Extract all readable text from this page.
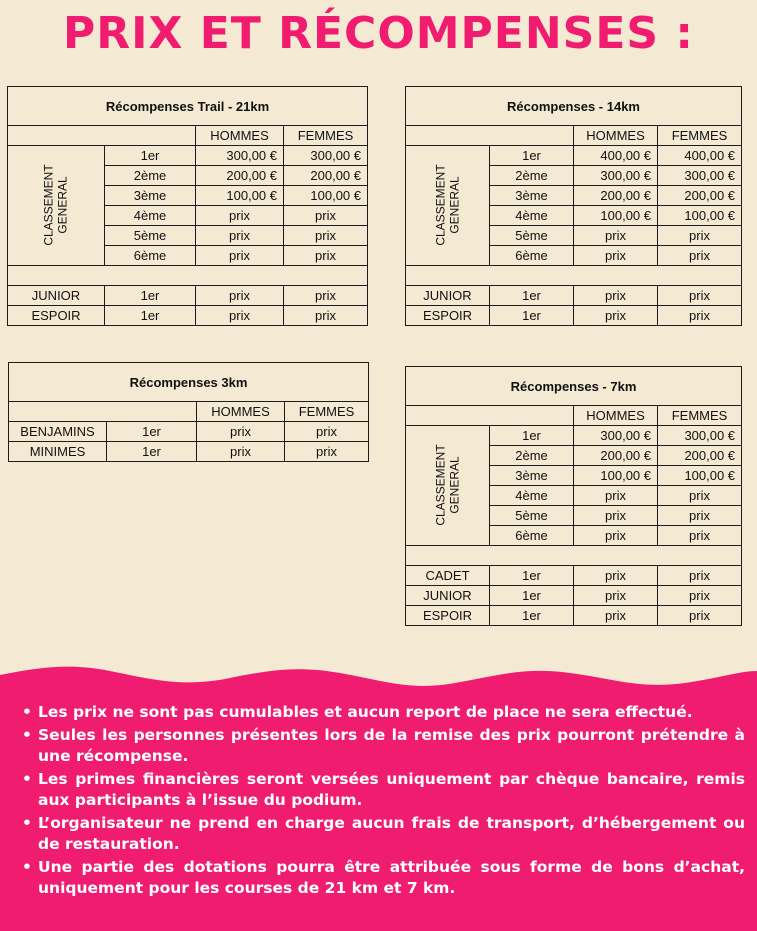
PRIX ET RÉCOMPENSES :
Récompenses Trail - 21km			
		HOMMES	FEMMES
CLASSEMENT
GENERAL	1er	300,00 €	300,00 €
	2ème	200,00 €	200,00 €
	3ème	100,00 €	100,00 €
	4ème	prix	prix
	5ème	prix	prix
	6ème	prix	prix

JUNIOR	1er	prix	prix
ESPOIR	1er	prix	prix
Récompenses - 14km			
		HOMMES	FEMMES
CLASSEMENT
GENERAL	1er	400,00 €	400,00 €
	2ème	300,00 €	300,00 €
	3ème	200,00 €	200,00 €
	4ème	100,00 €	100,00 €
	5ème	prix	prix
	6ème	prix	prix

JUNIOR	1er	prix	prix
ESPOIR	1er	prix	prix
Récompenses 3km			
		HOMMES	FEMMES
BENJAMINS	1er	prix	prix
MINIMES	1er	prix	prix
Récompenses - 7km			
		HOMMES	FEMMES
CLASSEMENT
GENERAL	1er	300,00 €	300,00 €
	2ème	200,00 €	200,00 €
	3ème	100,00 €	100,00 €
	4ème	prix	prix
	5ème	prix	prix
	6ème	prix	prix

CADET	1er	prix	prix
JUNIOR	1er	prix	prix
ESPOIR	1er	prix	prix
• Les prix ne sont pas cumulables et aucun report de place ne sera effectué.
• Seules les personnes présentes lors de la remise des prix pourront prétendre à une récompense.
• Les primes financières seront versées uniquement par chèque bancaire, remis aux participants à l’issue du podium.
• L’organisateur ne prend en charge aucun frais de transport, d’hébergement ou de restauration.
• Une partie des dotations pourra être attribuée sous forme de bons d’achat, uniquement pour les courses de 21 km et 7 km.
